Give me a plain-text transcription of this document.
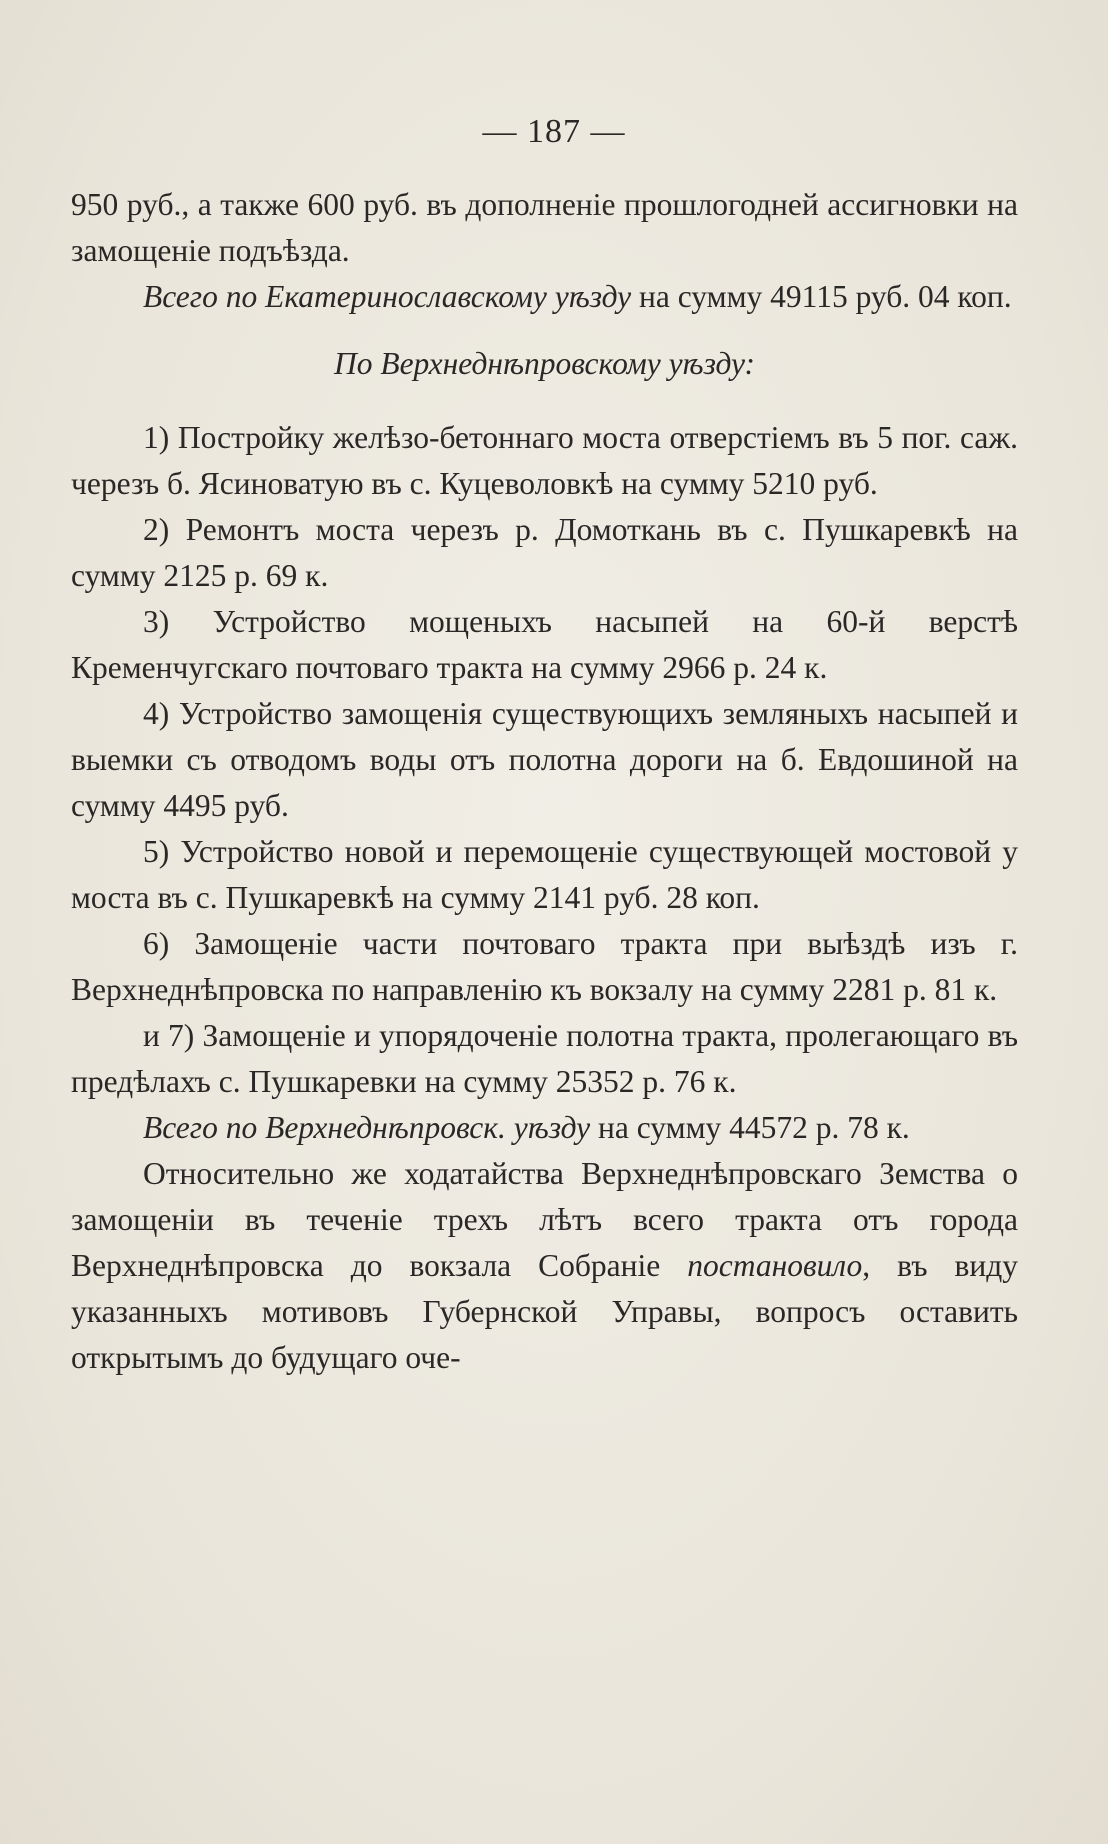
— 187 —

950 руб., а также 600 руб. въ дополненіе прошлогодней ассигновки на замощеніе подъѣзда.

Всего по Екатеринославскому уѣзду на сумму 49115 руб. 04 коп.

По Верхнеднѣпровскому уѣзду:

1) Постройку желѣзо-бетоннаго моста отверстіемъ въ 5 пог. саж. черезъ б. Ясиноватую въ с. Куцеволовкѣ на сумму 5210 руб.

2) Ремонтъ моста черезъ р. Домоткань въ с. Пушкаревкѣ на сумму 2125 р. 69 к.

3) Устройство мощеныхъ насыпей на 60-й верстѣ Кременчугскаго почтоваго тракта на сумму 2966 р. 24 к.

4) Устройство замощенія существующихъ земляныхъ насыпей и выемки съ отводомъ воды отъ полотна дороги на б. Евдошиной на сумму 4495 руб.

5) Устройство новой и перемощеніе существующей мостовой у моста въ с. Пушкаревкѣ на сумму 2141 руб. 28 коп.

6) Замощеніе части почтоваго тракта при выѣздѣ изъ г. Верхнеднѣпровска по направленію къ вокзалу на сумму 2281 р. 81 к.

и 7) Замощеніе и упорядоченіе полотна тракта, пролегающаго въ предѣлахъ с. Пушкаревки на сумму 25352 р. 76 к.

Всего по Верхнеднѣпровск. уѣзду на сумму 44572 р. 78 к.

Относительно же ходатайства Верхнеднѣпровскаго Земства о замощеніи въ теченіе трехъ лѣтъ всего тракта отъ города Верхнеднѣпровска до вокзала Собраніе постановило, въ виду указанныхъ мотивовъ Губернской Управы, вопросъ оставить открытымъ до будущаго оче-
